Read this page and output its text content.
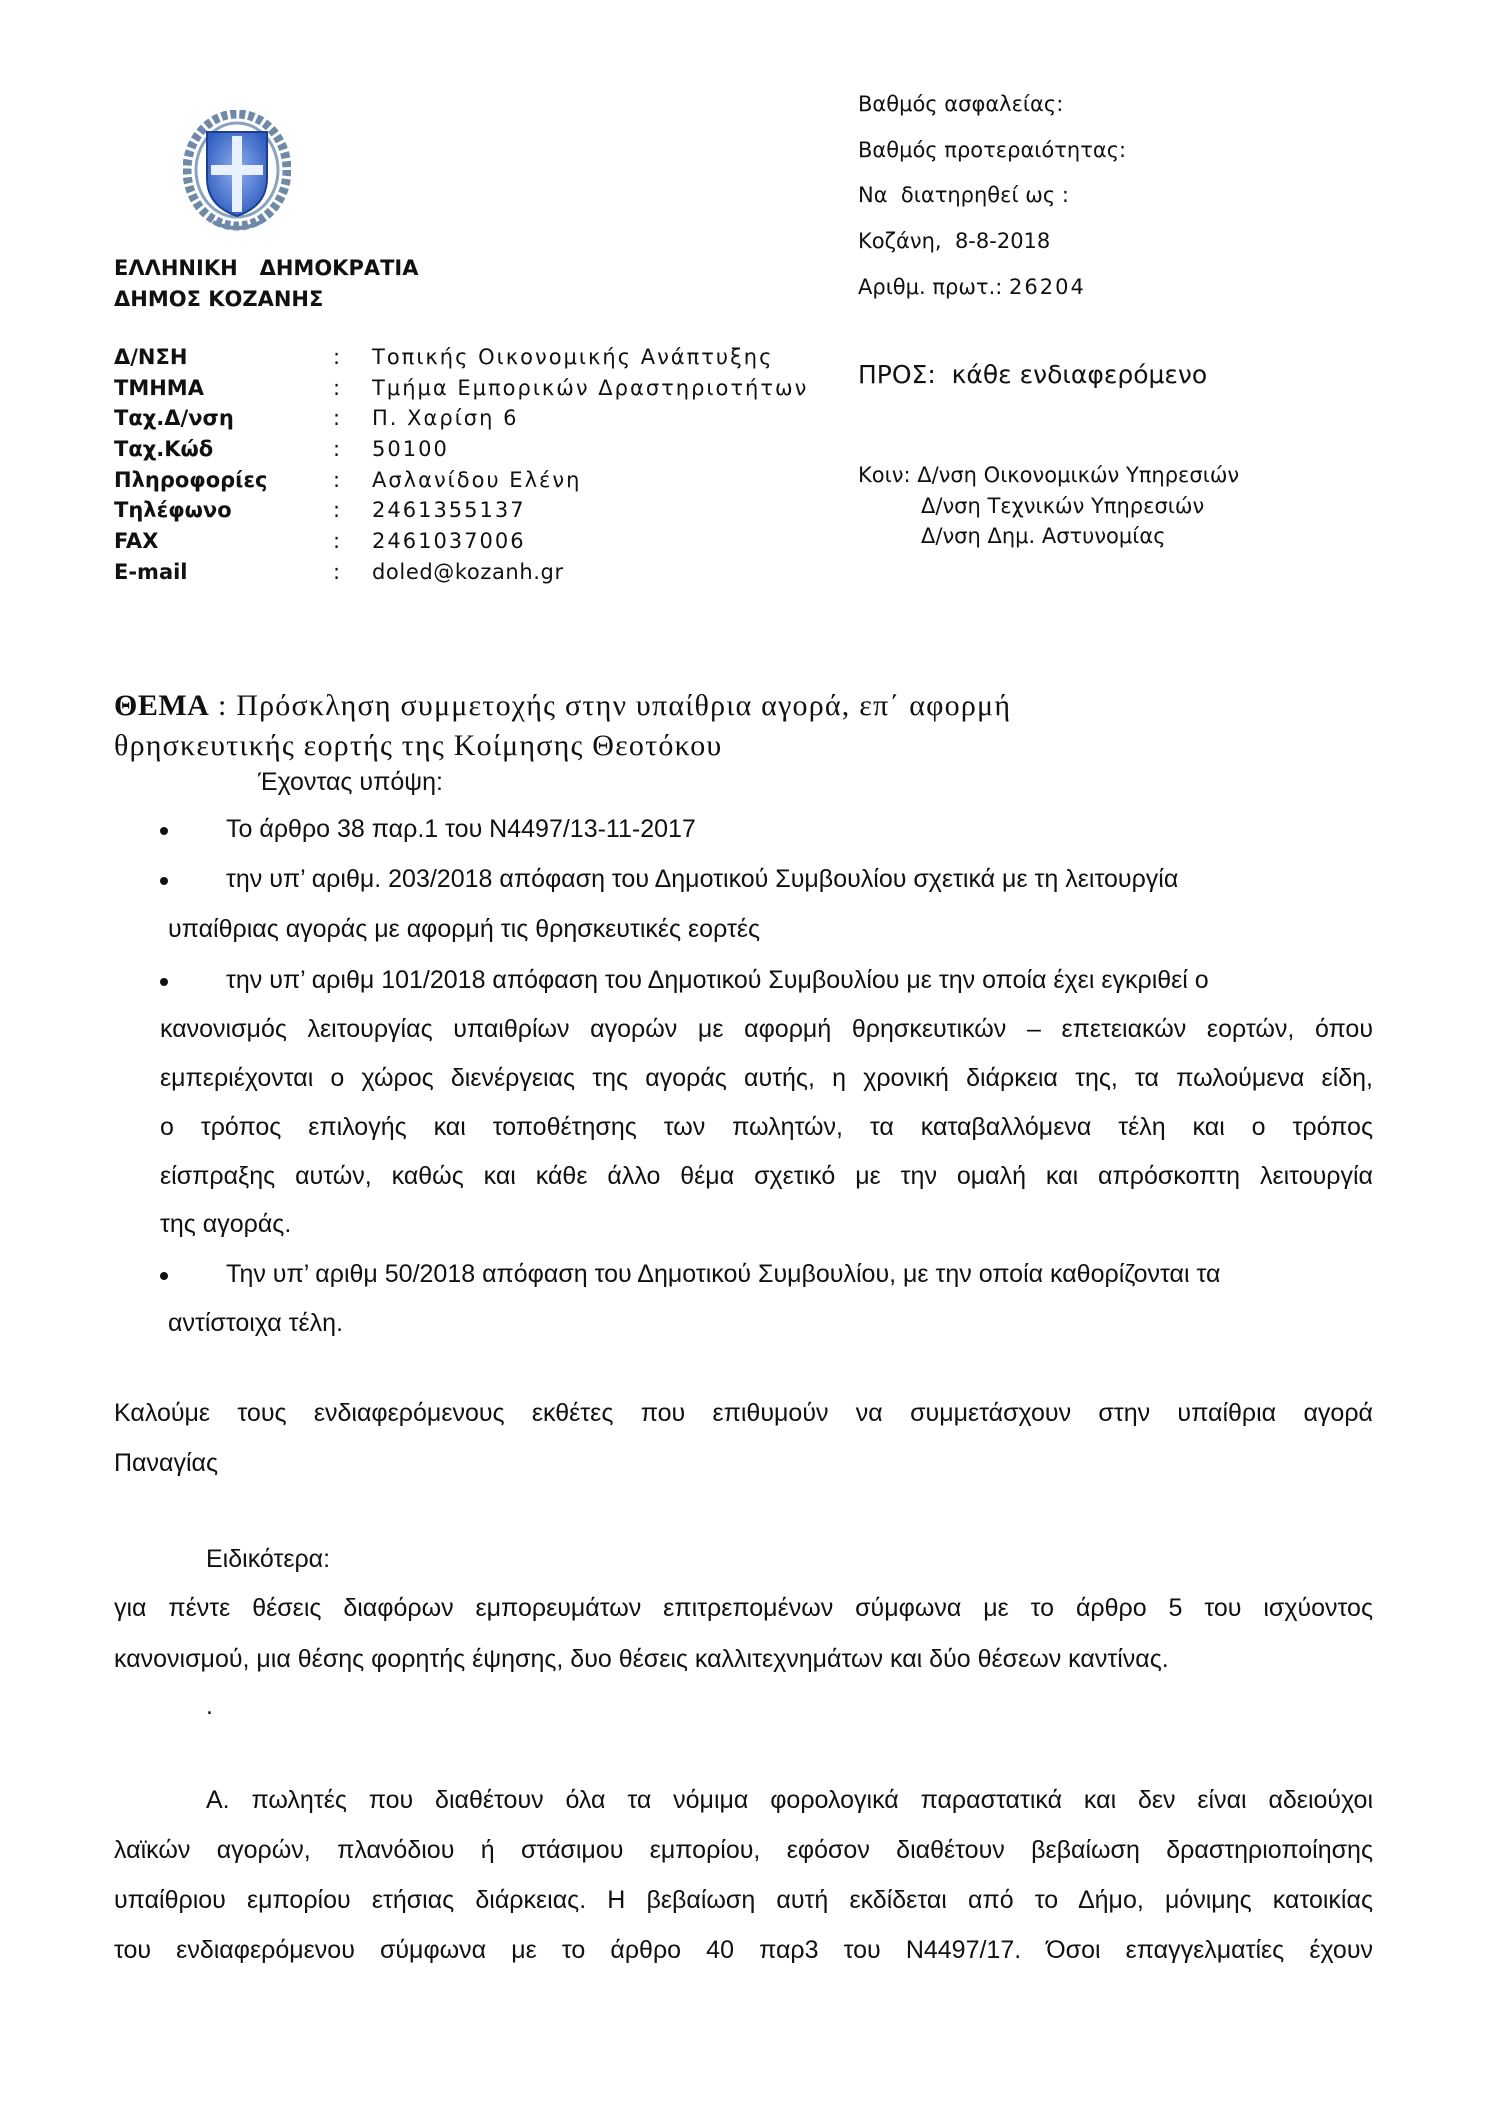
ΕΛΛΗΝΙΚΗ   ΔΗΜΟΚΡΑΤΙΑ
ΔΗΜΟΣ ΚΟΖΑΝΗΣ
Δ/ΝΣΗ	: Τοπικής Οικονομικής Ανάπτυξης
ΤΜΗΜΑ	: Τμήμα Εμπορικών Δραστηριοτήτων
Ταχ.Δ/νση	: Π. Χαρίση 6
Ταχ.Κώδ	: 50100
Πληροφορίες	: Ασλανίδου Ελένη
Τηλέφωνο	: 2461355137
FAX	: 2461037006
E-mail	: doled@kozanh.gr
Βαθμός ασφαλείας:
Βαθμός προτεραιότητας:
Να  διατηρηθεί ως :
Κοζάνη,  8-8-2018
Αριθμ. πρωτ.: 26204
ΠΡΟΣ:  κάθε ενδιαφερόμενο
Κοιν: Δ/νση Οικονομικών Υπηρεσιών
Δ/νση Τεχνικών Υπηρεσιών
Δ/νση Δημ. Αστυνομίας
ΘΕΜΑ : Πρόσκληση συμμετοχής στην υπαίθρια αγορά, επ΄ αφορμή
θρησκευτικής εορτής της Κοίμησης Θεοτόκου
Έχοντας υπόψη:
Το άρθρο 38 παρ.1 του Ν4497/13-11-2017
την υπ’ αριθμ. 203/2018 απόφαση του Δημοτικού Συμβουλίου σχετικά με τη λειτουργία
υπαίθριας αγοράς με αφορμή τις θρησκευτικές εορτές
την υπ’ αριθμ 101/2018 απόφαση του Δημοτικού Συμβουλίου με την οποία έχει εγκριθεί ο
κανονισμός λειτουργίας υπαιθρίων αγορών με αφορμή θρησκευτικών – επετειακών εορτών, όπου
εμπεριέχονται ο χώρος διενέργειας της αγοράς αυτής, η χρονική διάρκεια της, τα πωλούμενα είδη,
ο τρόπος επιλογής και τοποθέτησης των πωλητών, τα καταβαλλόμενα τέλη και ο τρόπος
είσπραξης αυτών, καθώς και κάθε άλλο θέμα σχετικό με την ομαλή και απρόσκοπτη λειτουργία
της αγοράς.
Την υπ’ αριθμ 50/2018 απόφαση του Δημοτικού Συμβουλίου, με την οποία καθορίζονται τα
αντίστοιχα τέλη.
Καλούμε τους ενδιαφερόμενους εκθέτες που επιθυμούν να συμμετάσχουν στην υπαίθρια αγορά
Παναγίας
Ειδικότερα:
για πέντε θέσεις διαφόρων εμπορευμάτων επιτρεπομένων σύμφωνα με το άρθρο 5 του ισχύοντος
κανονισμού, μια θέσης φορητής έψησης, δυο θέσεις καλλιτεχνημάτων και δύο θέσεων καντίνας.
.
Α. πωλητές που διαθέτουν όλα τα νόμιμα φορολογικά παραστατικά και δεν είναι αδειούχοι
λαϊκών αγορών, πλανόδιου ή στάσιμου εμπορίου, εφόσον διαθέτουν βεβαίωση δραστηριοποίησης
υπαίθριου εμπορίου ετήσιας διάρκειας. Η βεβαίωση αυτή εκδίδεται από το Δήμο, μόνιμης κατοικίας
του ενδιαφερόμενου σύμφωνα με το άρθρο 40 παρ3 του Ν4497/17. Όσοι επαγγελματίες έχουν
